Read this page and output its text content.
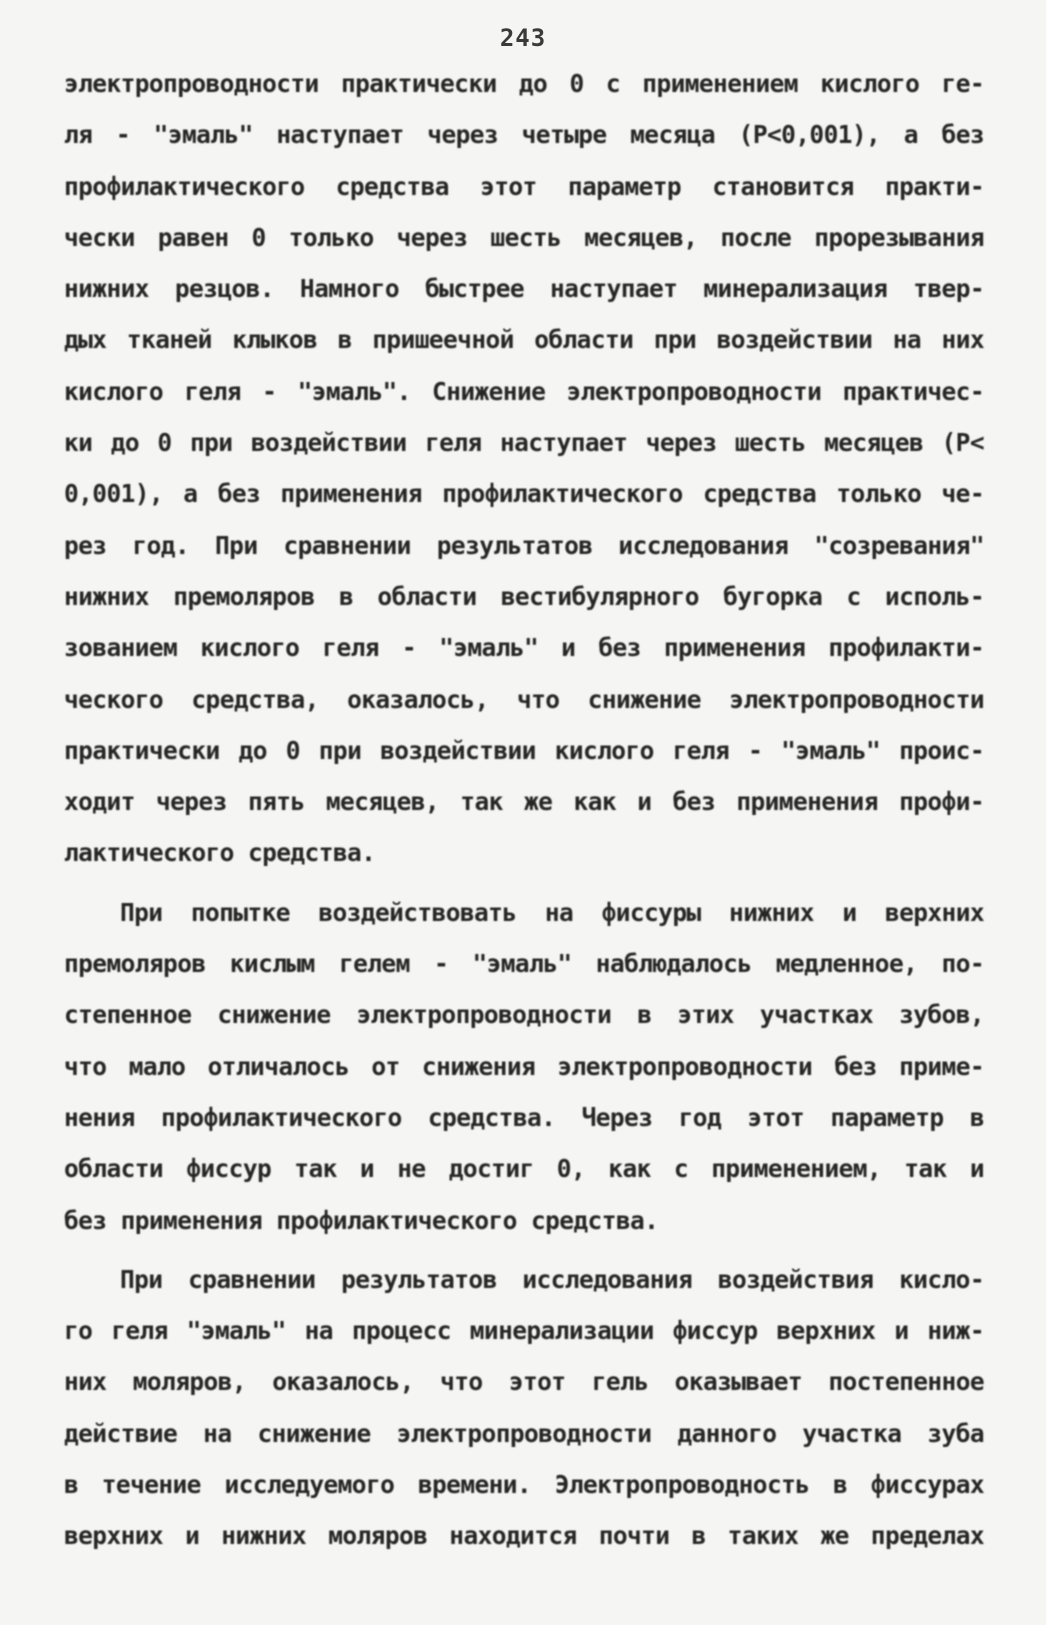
243
электропроводности практически до 0 с применением кислого ге-
ля - "эмаль" наступает через четыре месяца (P<0,001), а без
профилактического средства этот параметр становится практи-
чески равен 0 только через шесть месяцев, после прорезывания
нижних резцов. Намного быстрее наступает минерализация твер-
дых тканей клыков в пришеечной области при воздействии на них
кислого геля - "эмаль". Снижение электропроводности практичес-
ки до 0 при воздействии геля наступает через шесть месяцев (P<
0,001), а без применения профилактического средства только че-
рез год. При сравнении результатов исследования "созревания"
нижних премоляров в области вестибулярного бугорка с исполь-
зованием кислого геля - "эмаль" и без применения профилакти-
ческого средства, оказалось, что снижение электропроводности
практически до 0 при воздействии кислого геля - "эмаль" проис-
ходит через пять месяцев, так же как и без применения профи-
лактического средства.
При попытке воздействовать на фиссуры нижних и верхних
премоляров кислым гелем - "эмаль" наблюдалось медленное, по-
степенное снижение электропроводности в этих участках зубов,
что мало отличалось от снижения электропроводности без приме-
нения профилактического средства. Через год этот параметр в
области фиссур так и не достиг 0, как с применением, так и
без применения профилактического средства.
При сравнении результатов исследования воздействия кисло-
го геля "эмаль" на процесс минерализации фиссур верхних и ниж-
них моляров, оказалось, что этот гель оказывает постепенное
действие на снижение электропроводности данного участка зуба
в течение исследуемого времени. Электропроводность в фиссурах
верхних и нижних моляров находится почти в таких же пределах
